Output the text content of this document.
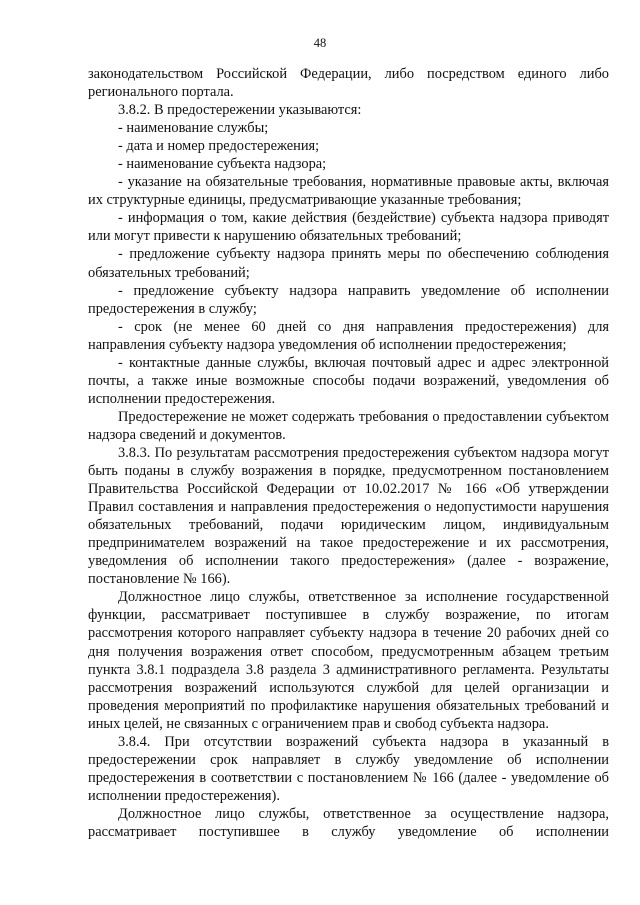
48

законодательством Российской Федерации, либо посредством единого либо регионального портала.

3.8.2. В предостережении указываются:

- наименование службы;

- дата и номер предостережения;

- наименование субъекта надзора;

- указание на обязательные требования, нормативные правовые акты, включая их структурные единицы, предусматривающие указанные требования;

- информация о том, какие действия (бездействие) субъекта надзора приводят или могут привести к нарушению обязательных требований;

- предложение субъекту надзора принять меры по обеспечению соблюдения обязательных требований;

- предложение субъекту надзора направить уведомление об исполнении предостережения в службу;

- срок (не менее 60 дней со дня направления предостережения) для направления субъекту надзора уведомления об исполнении предостережения;

- контактные данные службы, включая почтовый адрес и адрес электронной почты, а также иные возможные способы подачи возражений, уведомления об исполнении предостережения.

Предостережение не может содержать требования о предоставлении субъектом надзора сведений и документов.

3.8.3. По результатам рассмотрения предостережения субъектом надзора могут быть поданы в службу возражения в порядке, предусмотренном постановлением Правительства Российской Федерации от 10.02.2017 № 166 «Об утверждении Правил составления и направления предостережения о недопустимости нарушения обязательных требований, подачи юридическим лицом, индивидуальным предпринимателем возражений на такое предостережение и их рассмотрения, уведомления об исполнении такого предостережения» (далее - возражение, постановление № 166).

Должностное лицо службы, ответственное за исполнение государственной функции, рассматривает поступившее в службу возражение, по итогам рассмотрения которого направляет субъекту надзора в течение 20 рабочих дней со дня получения возражения ответ способом, предусмотренным абзацем третьим пункта 3.8.1 подраздела 3.8 раздела 3 административного регламента. Результаты рассмотрения возражений используются службой для целей организации и проведения мероприятий по профилактике нарушения обязательных требований и иных целей, не связанных с ограничением прав и свобод субъекта надзора.

3.8.4. При отсутствии возражений субъекта надзора в указанный в предостережении срок направляет в службу уведомление об исполнении предостережения в соответствии с постановлением № 166 (далее - уведомление об исполнении предостережения).

Должностное лицо службы, ответственное за осуществление надзора, рассматривает поступившее в службу уведомление об исполнении
